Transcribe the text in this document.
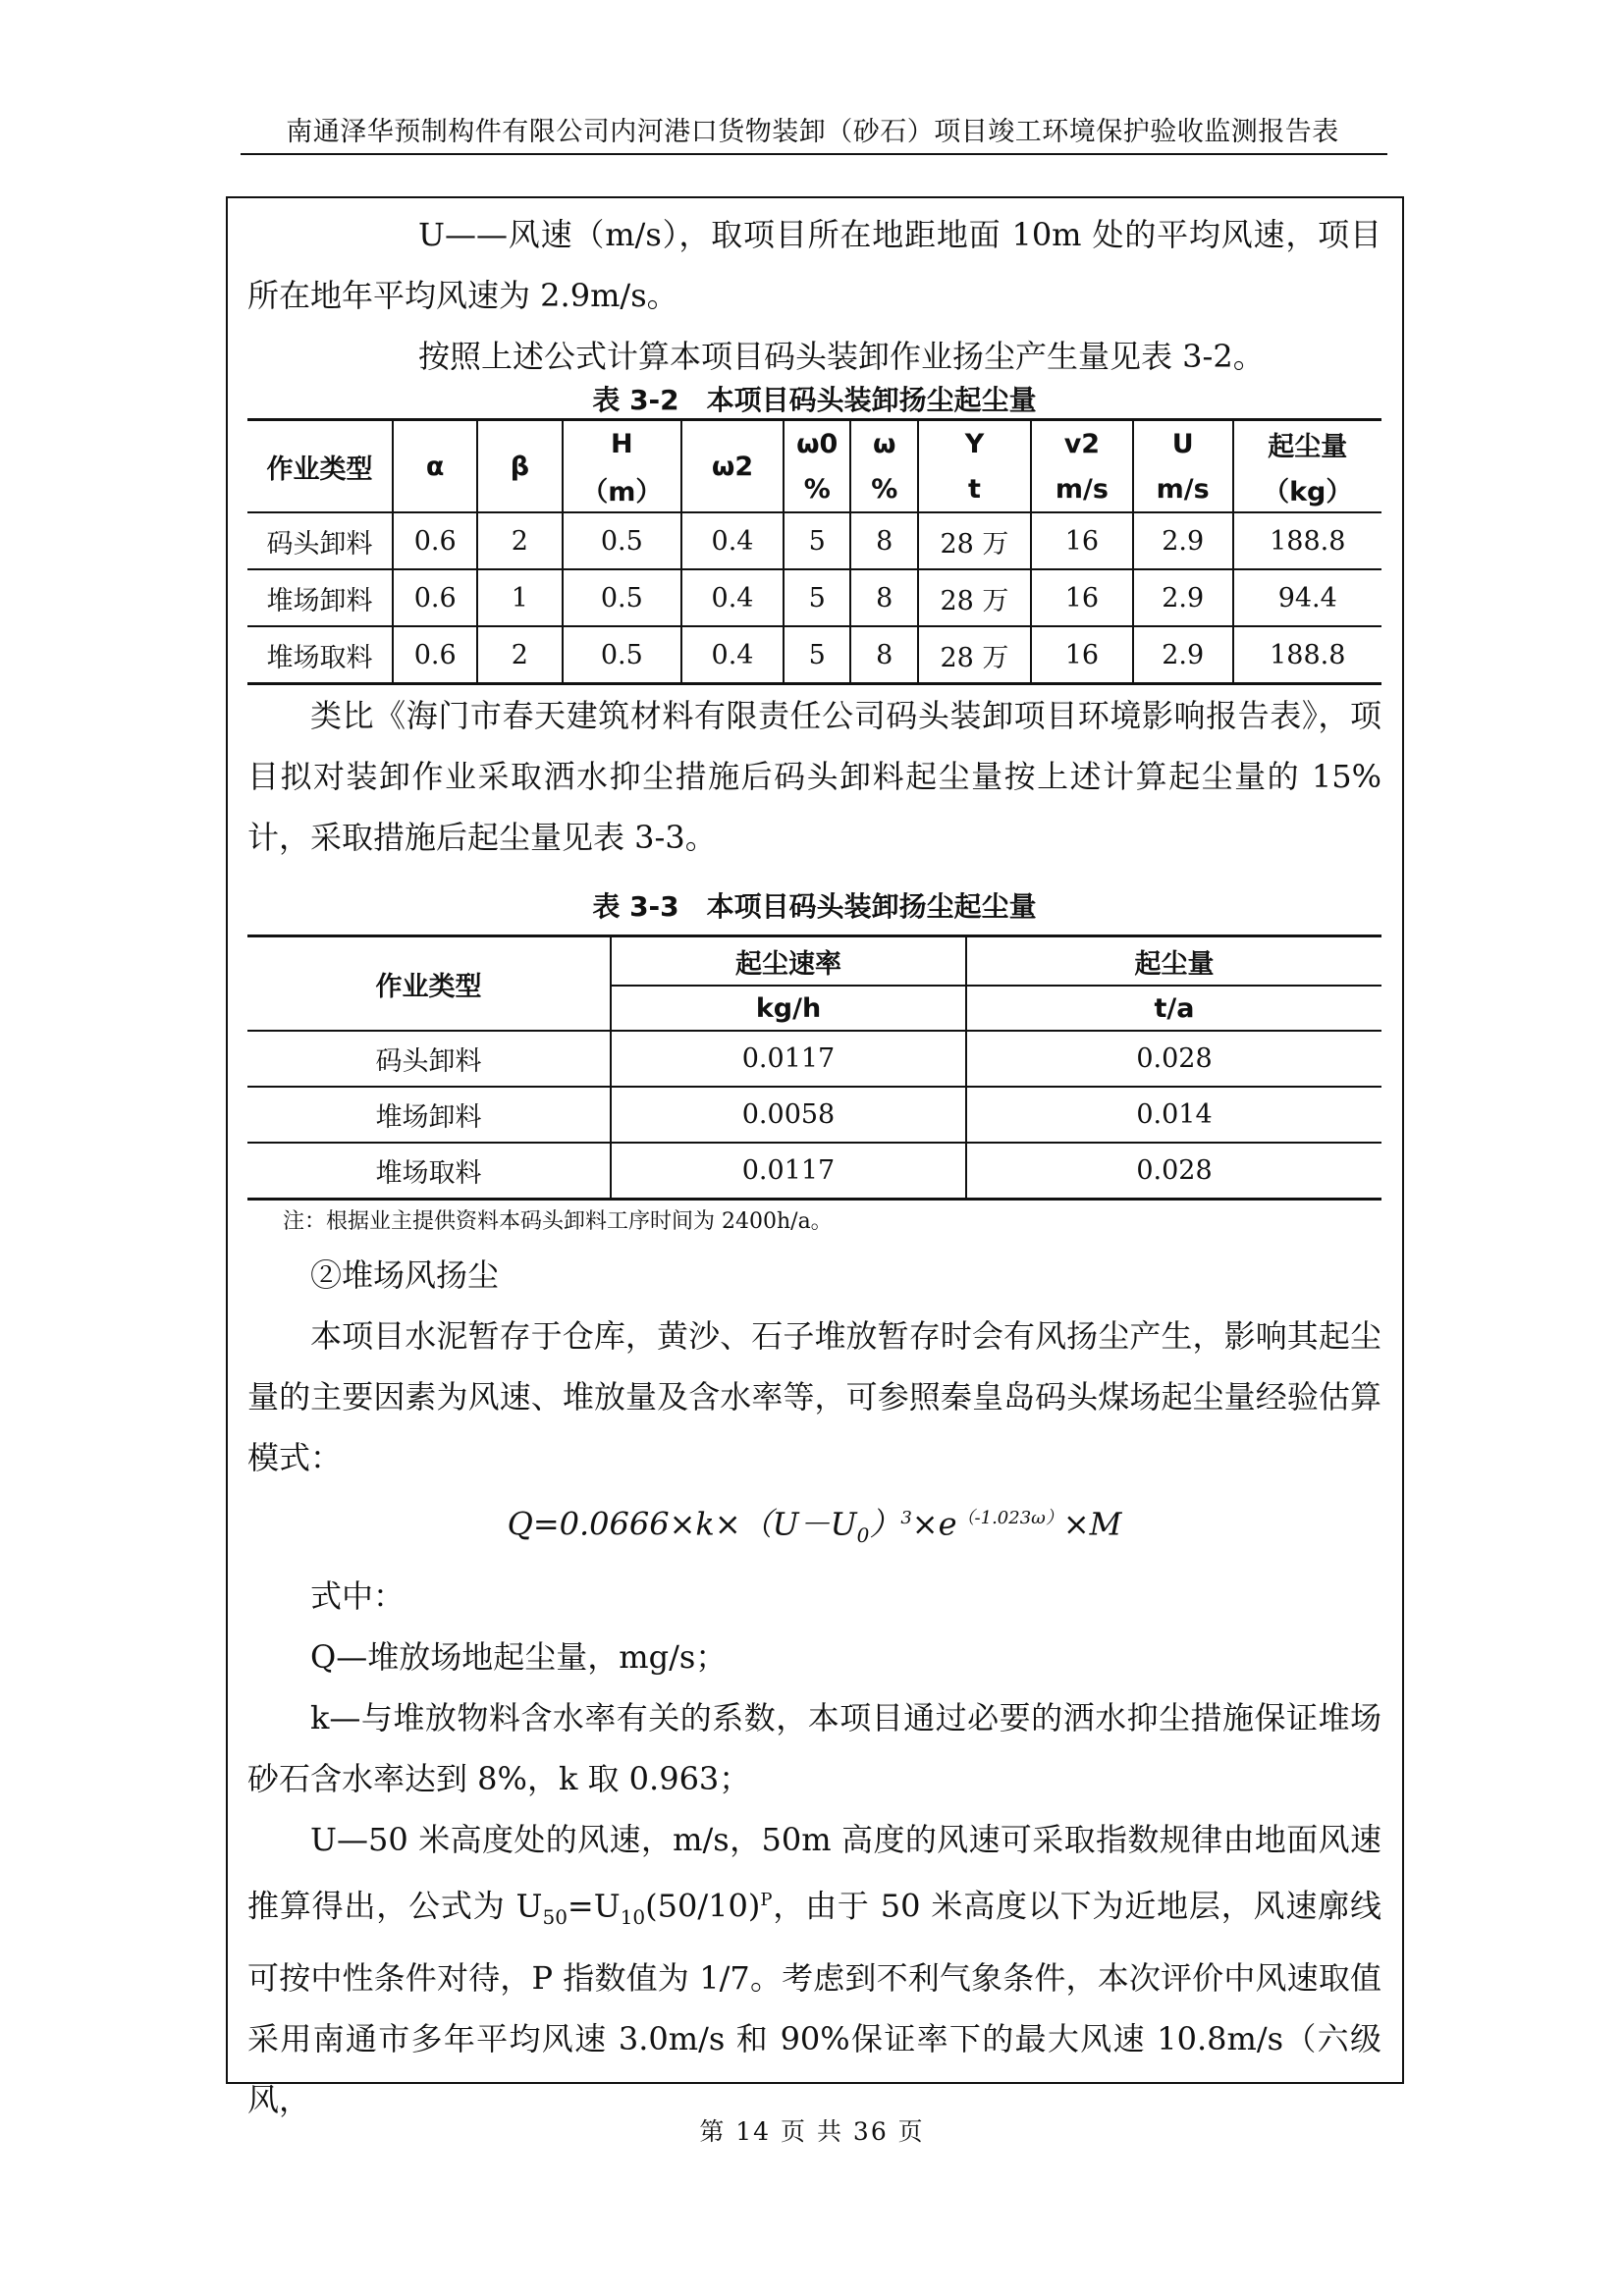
南通泽华预制构件有限公司内河港口货物装卸（砂石）项目竣工环境保护验收监测报告表

U——风速（m/s），取项目所在地距地面 10m 处的平均风速，项目所在地年平均风速为 2.9m/s。

按照上述公式计算本项目码头装卸作业扬尘产生量见表 3-2。

表 3-2　本项目码头装卸扬尘起尘量

作业类型	α	β	H	ω2	ω0	ω	Y	v2	U	起尘量
			（m）		%	%	t	m/s	m/s	（kg）
码头卸料	0.6	2	0.5	0.4	5	8	28 万	16	2.9	188.8
堆场卸料	0.6	1	0.5	0.4	5	8	28 万	16	2.9	94.4
堆场取料	0.6	2	0.5	0.4	5	8	28 万	16	2.9	188.8

类比《海门市春天建筑材料有限责任公司码头装卸项目环境影响报告表》，项目拟对装卸作业采取洒水抑尘措施后码头卸料起尘量按上述计算起尘量的 15%计，采取措施后起尘量见表 3-3。

表 3-3　本项目码头装卸扬尘起尘量

作业类型	起尘速率	起尘量
	kg/h	t/a
码头卸料	0.0117	0.028
堆场卸料	0.0058	0.014
堆场取料	0.0117	0.028

注：根据业主提供资料本码头卸料工序时间为 2400h/a。

②堆场风扬尘

本项目水泥暂存于仓库，黄沙、石子堆放暂存时会有风扬尘产生，影响其起尘量的主要因素为风速、堆放量及含水率等，可参照秦皇岛码头煤场起尘量经验估算模式：

$Q=0.0666\times k\times(U-U_0)^3\times e^{(-1.023\omega)}\times M$

式中：

Q—堆放场地起尘量，mg/s；

k—与堆放物料含水率有关的系数，本项目通过必要的洒水抑尘措施保证堆场砂石含水率达到 8%，k 取 0.963；

U—50 米高度处的风速，m/s，50m 高度的风速可采取指数规律由地面风速推算得出，公式为 $U_{50}=U_{10}(50/10)^P$，由于 50 米高度以下为近地层，风速廓线可按中性条件对待，P 指数值为 1/7。考虑到不利气象条件，本次评价中风速取值采用南通市多年平均风速 3.0m/s 和 90%保证率下的最大风速 10.8m/s（六级风，

第 14 页 共 36 页
